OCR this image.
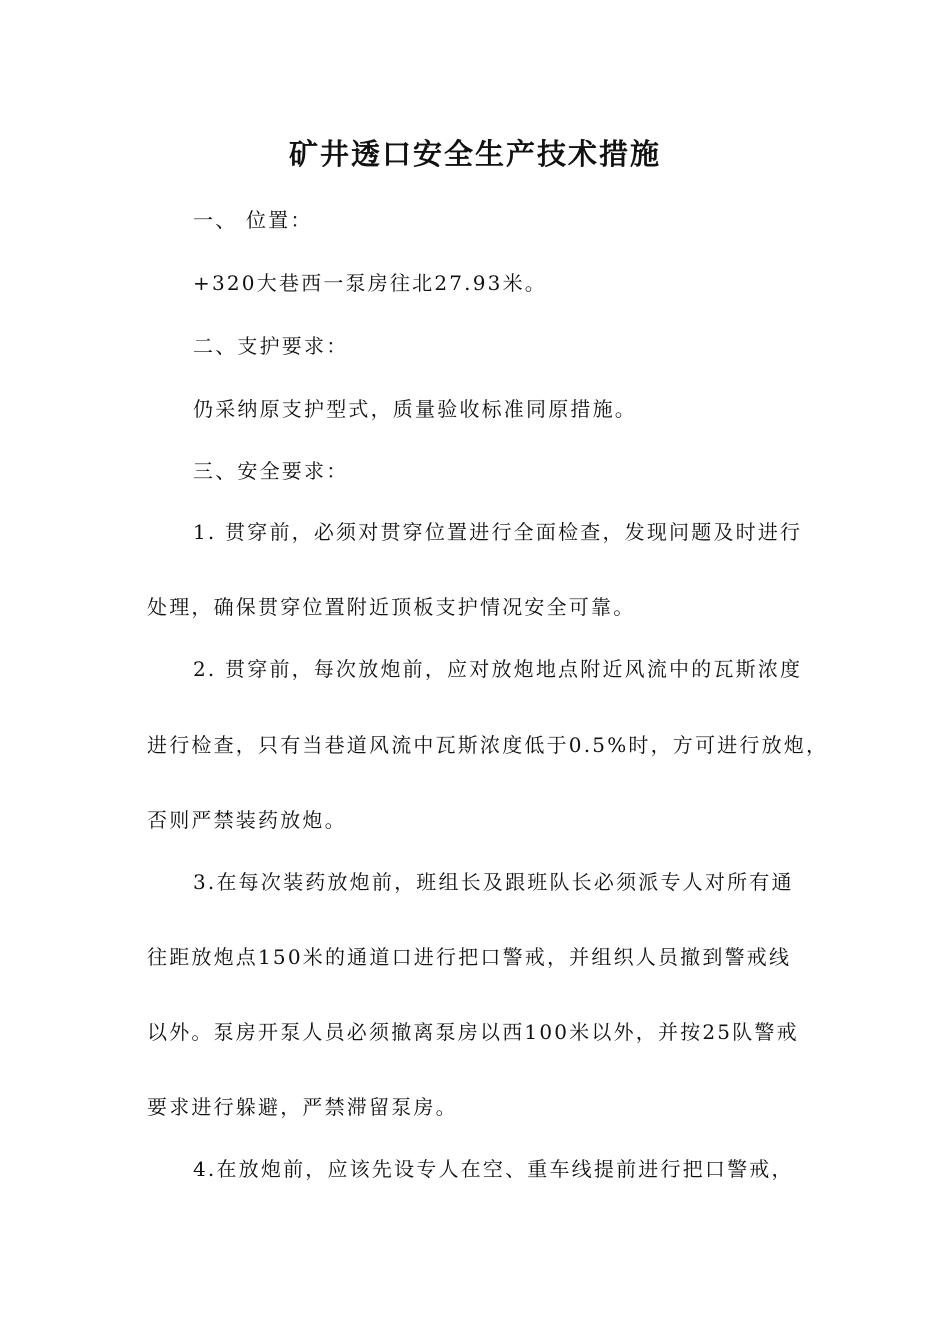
矿井透口安全生产技术措施
一、 位置：
+320大巷西一泵房往北27.93米。
二、支护要求：
仍采纳原支护型式，质量验收标准同原措施。
三、安全要求：
1. 贯穿前，必须对贯穿位置进行全面检查，发现问题及时进行
处理，确保贯穿位置附近顶板支护情况安全可靠。
2. 贯穿前，每次放炮前，应对放炮地点附近风流中的瓦斯浓度
进行检查，只有当巷道风流中瓦斯浓度低于0.5%时，方可进行放炮，
否则严禁装药放炮。
3.在每次装药放炮前，班组长及跟班队长必须派专人对所有通
往距放炮点150米的通道口进行把口警戒，并组织人员撤到警戒线
以外。泵房开泵人员必须撤离泵房以西100米以外，并按25队警戒
要求进行躲避，严禁滞留泵房。
4.在放炮前，应该先设专人在空、重车线提前进行把口警戒，
